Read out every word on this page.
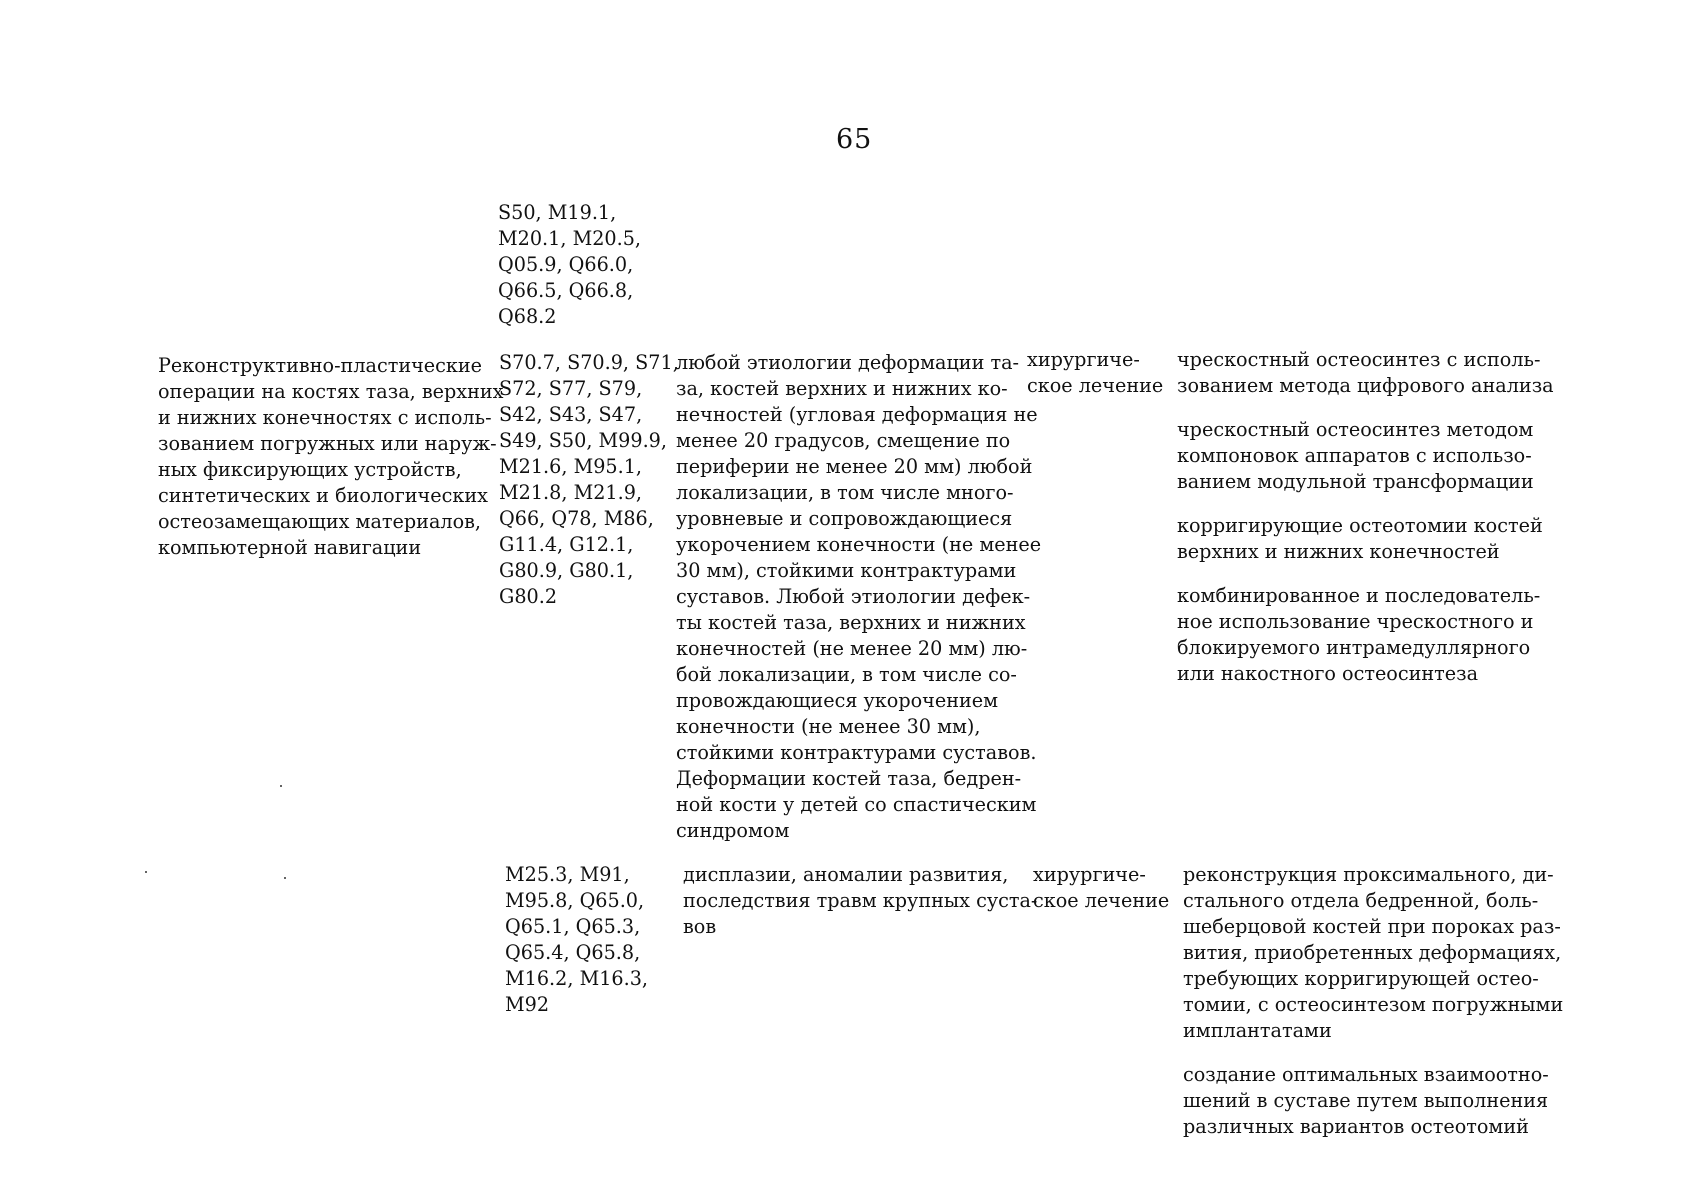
65
S50, M19.1,
M20.1, M20.5,
Q05.9, Q66.0,
Q66.5, Q66.8,
Q68.2
Реконструктивно-пластические
операции на костях таза, верхних
и нижних конечностях с исполь-
зованием погружных или наруж-
ных фиксирующих устройств,
синтетических и биологических
остеозамещающих материалов,
компьютерной навигации
S70.7, S70.9, S71,
S72, S77, S79,
S42, S43, S47,
S49, S50, M99.9,
M21.6, M95.1,
M21.8, M21.9,
Q66, Q78, M86,
G11.4, G12.1,
G80.9, G80.1,
G80.2
любой этиологии деформации та-
за, костей верхних и нижних ко-
нечностей (угловая деформация не
менее 20 градусов, смещение по
периферии не менее 20 мм) любой
локализации, в том числе много-
уровневые и сопровождающиеся
укорочением конечности (не менее
30 мм), стойкими контрактурами
суставов. Любой этиологии дефек-
ты костей таза, верхних и нижних
конечностей (не менее 20 мм) лю-
бой локализации, в том числе со-
провождающиеся укорочением
конечности (не менее 30 мм),
стойкими контрактурами суставов.
Деформации костей таза, бедрен-
ной кости у детей со спастическим
синдромом
хирургиче-
ское лечение
чрескостный остеосинтез с исполь-
зованием метода цифрового анализа
чрескостный остеосинтез методом
компоновок аппаратов с использо-
ванием модульной трансформации
корригирующие остеотомии костей
верхних и нижних конечностей
комбинированное и последователь-
ное использование чрескостного и
блокируемого интрамедуллярного
или накостного остеосинтеза
M25.3, M91,
M95.8, Q65.0,
Q65.1, Q65.3,
Q65.4, Q65.8,
M16.2, M16.3,
M92
дисплазии, аномалии развития,
последствия травм крупных суста-
вов
хирургиче-
ское лечение
реконструкция проксимального, ди-
стального отдела бедренной, боль-
шеберцовой костей при пороках раз-
вития, приобретенных деформациях,
требующих корригирующей остео-
томии, с остеосинтезом погружными
имплантатами
создание оптимальных взаимоотно-
шений в суставе путем выполнения
различных вариантов остеотомий
